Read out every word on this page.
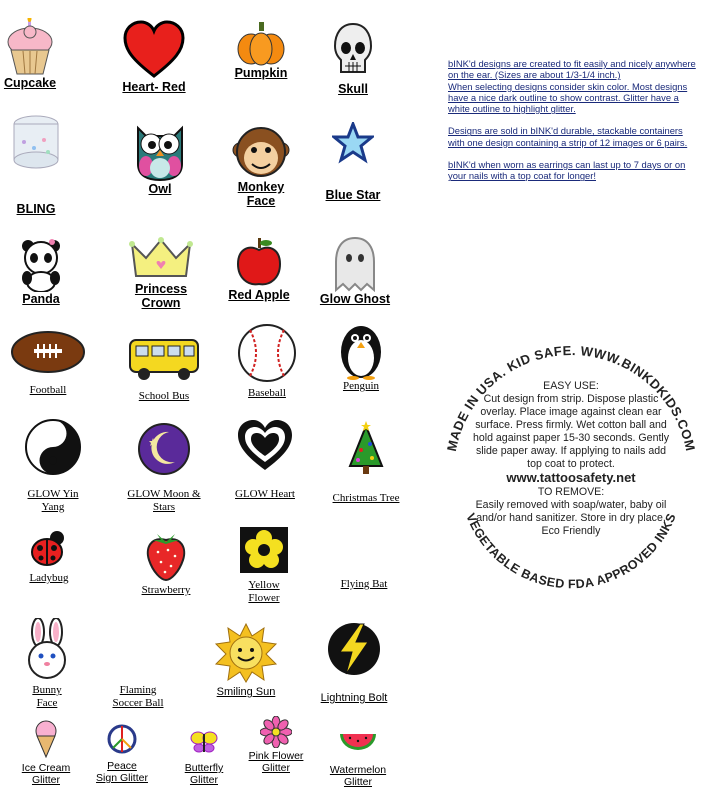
Cupcake	Heart- Red
Pumpkin
Skull
BLING
Owl	Monkey Face	Blue Star
Panda
Princess Crown
Red Apple	Glow Ghost
Football	School Bus	Baseball
Penguin
GLOW Yin Yang
GLOW Moon & Stars
GLOW Heart	Christmas Tree
Ladybug
Strawberry	Yellow Flower
Flying Bat
Bunny Face
Flaming Soccer Ball
Smiling Sun	Lightning Bolt
Ice Cream Glitter
Peace Sign Glitter
Butterfly Glitter
Pink Flower Glitter	Watermelon Glitter

bINK'd designs are created to fit easily and nicely anywhere on the ear. (Sizes are about 1/3-1/4 inch.)

When selecting designs consider skin color. Most designs have a nice dark outline to show contrast. Glitter have a white outline to highlight glitter.

Designs are sold in bINK'd durable, stackable containers with one design containing a strip of 12 images or 6 pairs.

bINK'd when worn as earrings can last up to 7 days or on your nails with a top coat for longer!

MADE IN USA. KID SAFE. WWW.BINKDKIDS.COM
VEGETABLE BASED FDA APPROVED INKS
EASY USE:
Cut design from strip. Dispose plastic overlay. Place image against clean ear surface. Press firmly. Wet cotton ball and hold against paper 15-30 seconds. Gently slide paper away. If applying to nails add top coat to protect.
www.tattoosafety.net
TO REMOVE:
Easily removed with soap/water, baby oil and/or hand sanitizer. Store in dry place.
Eco Friendly
